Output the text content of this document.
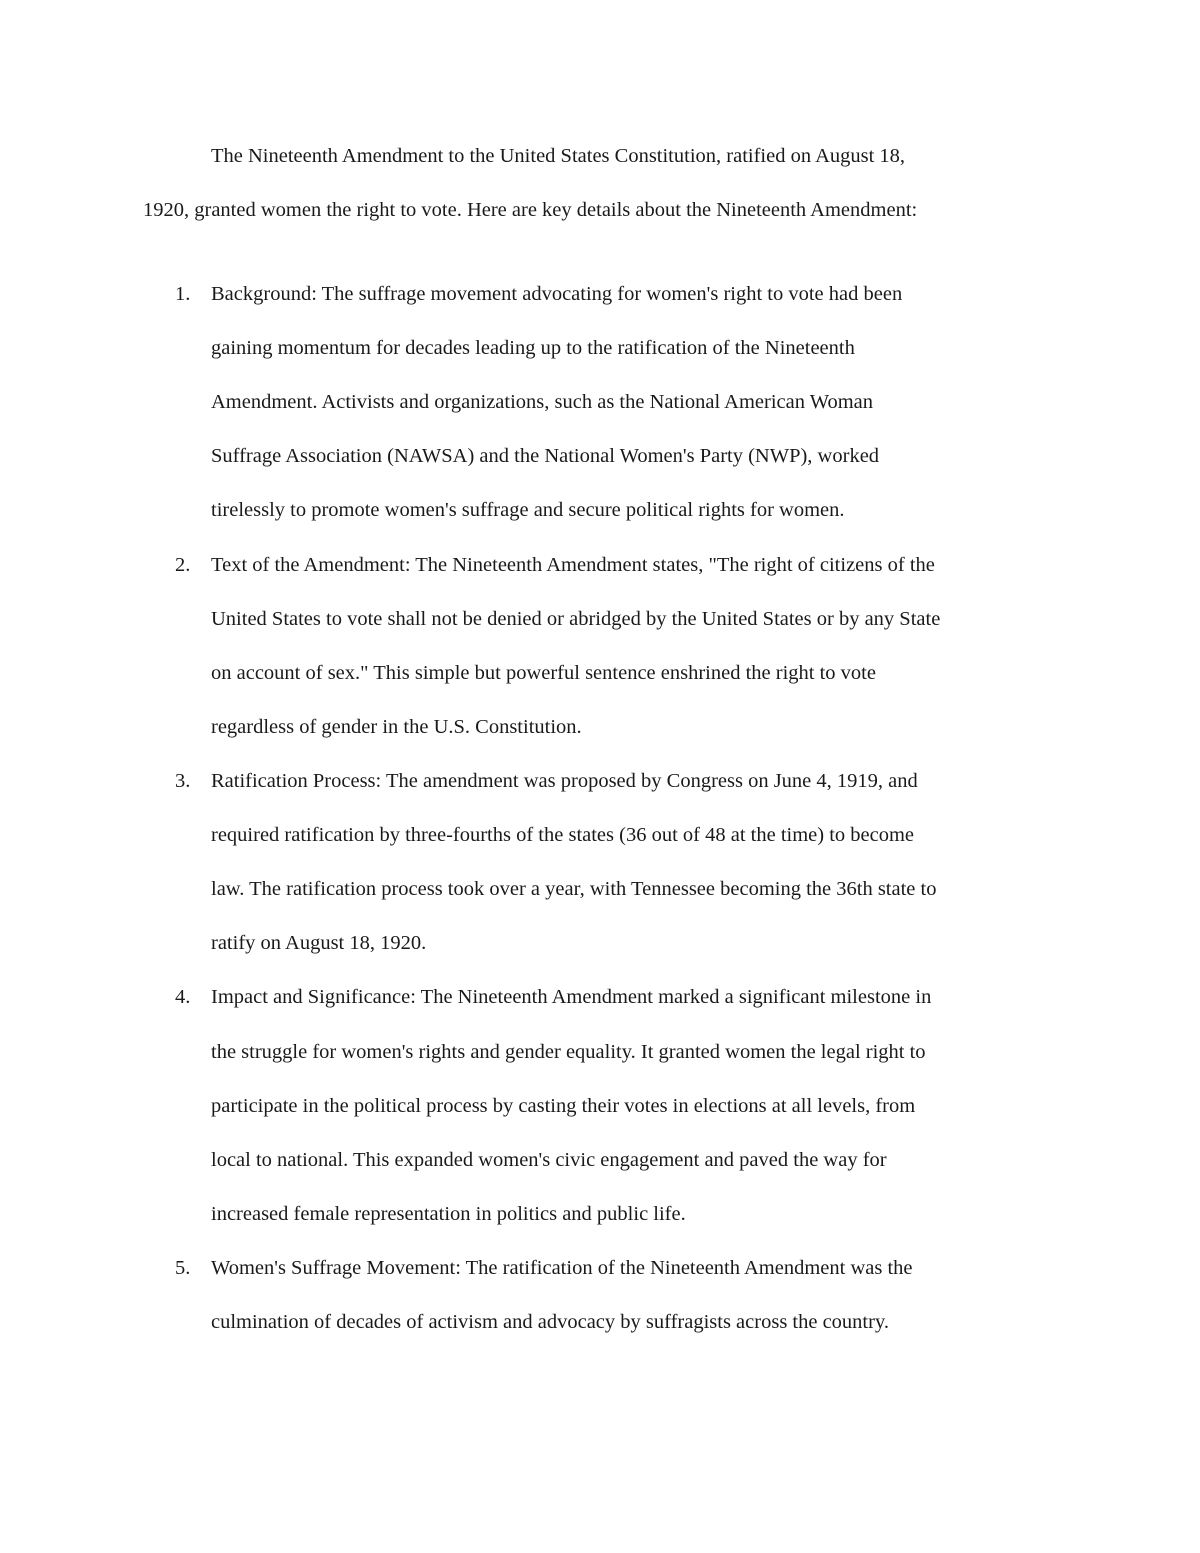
The Nineteenth Amendment to the United States Constitution, ratified on August 18,
1920, granted women the right to vote. Here are key details about the Nineteenth Amendment:
1. Background: The suffrage movement advocating for women's right to vote had been
gaining momentum for decades leading up to the ratification of the Nineteenth
Amendment. Activists and organizations, such as the National American Woman
Suffrage Association (NAWSA) and the National Women's Party (NWP), worked
tirelessly to promote women's suffrage and secure political rights for women.
2. Text of the Amendment: The Nineteenth Amendment states, "The right of citizens of the
United States to vote shall not be denied or abridged by the United States or by any State
on account of sex." This simple but powerful sentence enshrined the right to vote
regardless of gender in the U.S. Constitution.
3. Ratification Process: The amendment was proposed by Congress on June 4, 1919, and
required ratification by three-fourths of the states (36 out of 48 at the time) to become
law. The ratification process took over a year, with Tennessee becoming the 36th state to
ratify on August 18, 1920.
4. Impact and Significance: The Nineteenth Amendment marked a significant milestone in
the struggle for women's rights and gender equality. It granted women the legal right to
participate in the political process by casting their votes in elections at all levels, from
local to national. This expanded women's civic engagement and paved the way for
increased female representation in politics and public life.
5. Women's Suffrage Movement: The ratification of the Nineteenth Amendment was the
culmination of decades of activism and advocacy by suffragists across the country.
